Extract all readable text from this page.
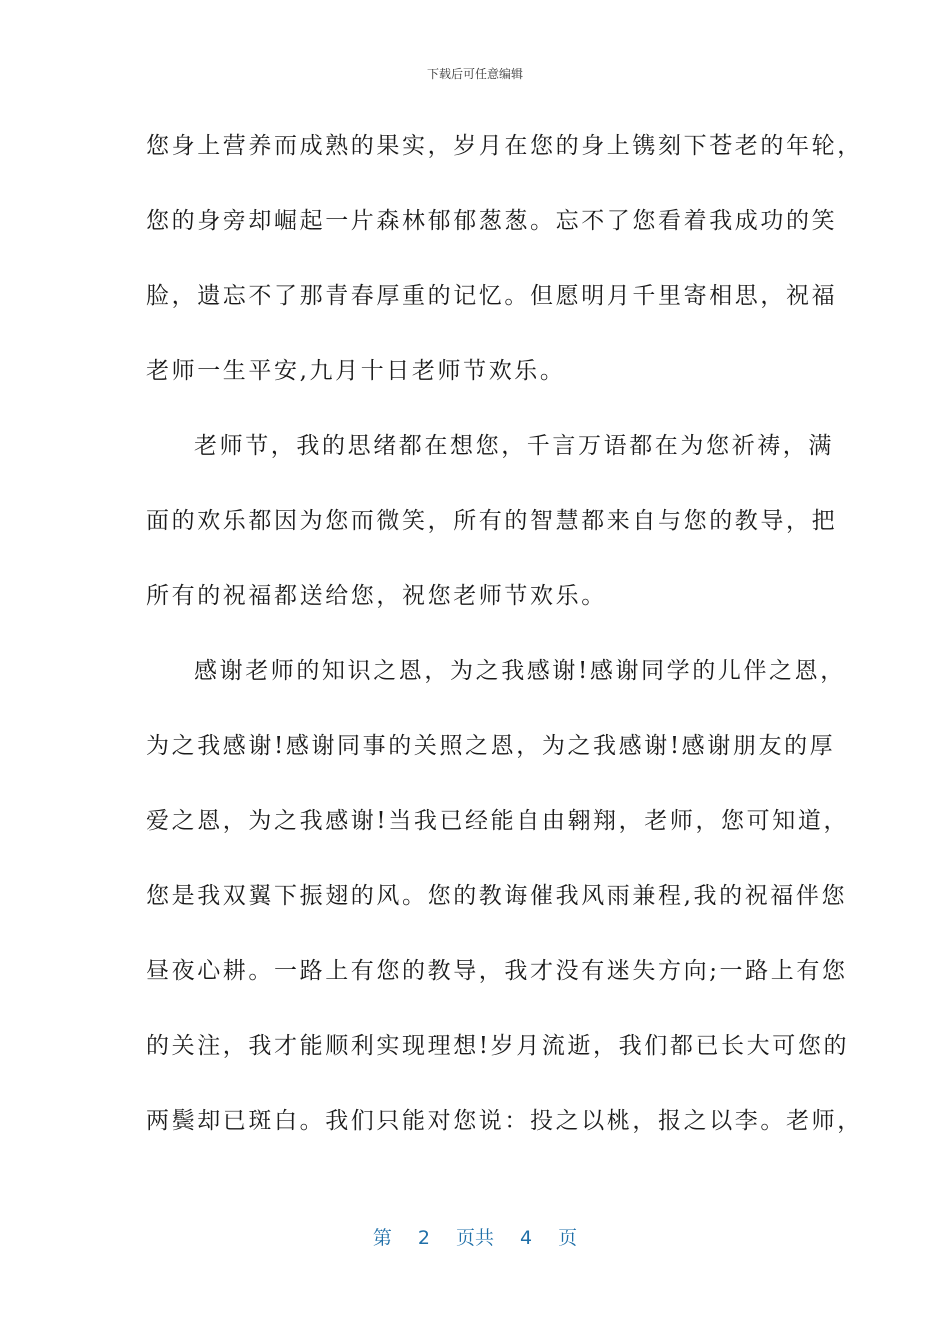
下载后可任意编辑
您身上营养而成熟的果实，岁月在您的身上镌刻下苍老的年轮，
您的身旁却崛起一片森林郁郁葱葱。忘不了您看着我成功的笑
脸，遗忘不了那青春厚重的记忆。但愿明月千里寄相思，祝福
老师一生平安,九月十日老师节欢乐。
老师节，我的思绪都在想您，千言万语都在为您祈祷，满
面的欢乐都因为您而微笑，所有的智慧都来自与您的教导，把
所有的祝福都送给您，祝您老师节欢乐。
感谢老师的知识之恩，为之我感谢!感谢同学的儿伴之恩，
为之我感谢!感谢同事的关照之恩，为之我感谢!感谢朋友的厚
爱之恩，为之我感谢!当我已经能自由翱翔，老师，您可知道，
您是我双翼下振翅的风。您的教诲催我风雨兼程,我的祝福伴您
昼夜心耕。一路上有您的教导，我才没有迷失方向;一路上有您
的关注，我才能顺利实现理想!岁月流逝，我们都已长大可您的
两鬓却已斑白。我们只能对您说：投之以桃，报之以李。老师，
第 2 页共 4 页
